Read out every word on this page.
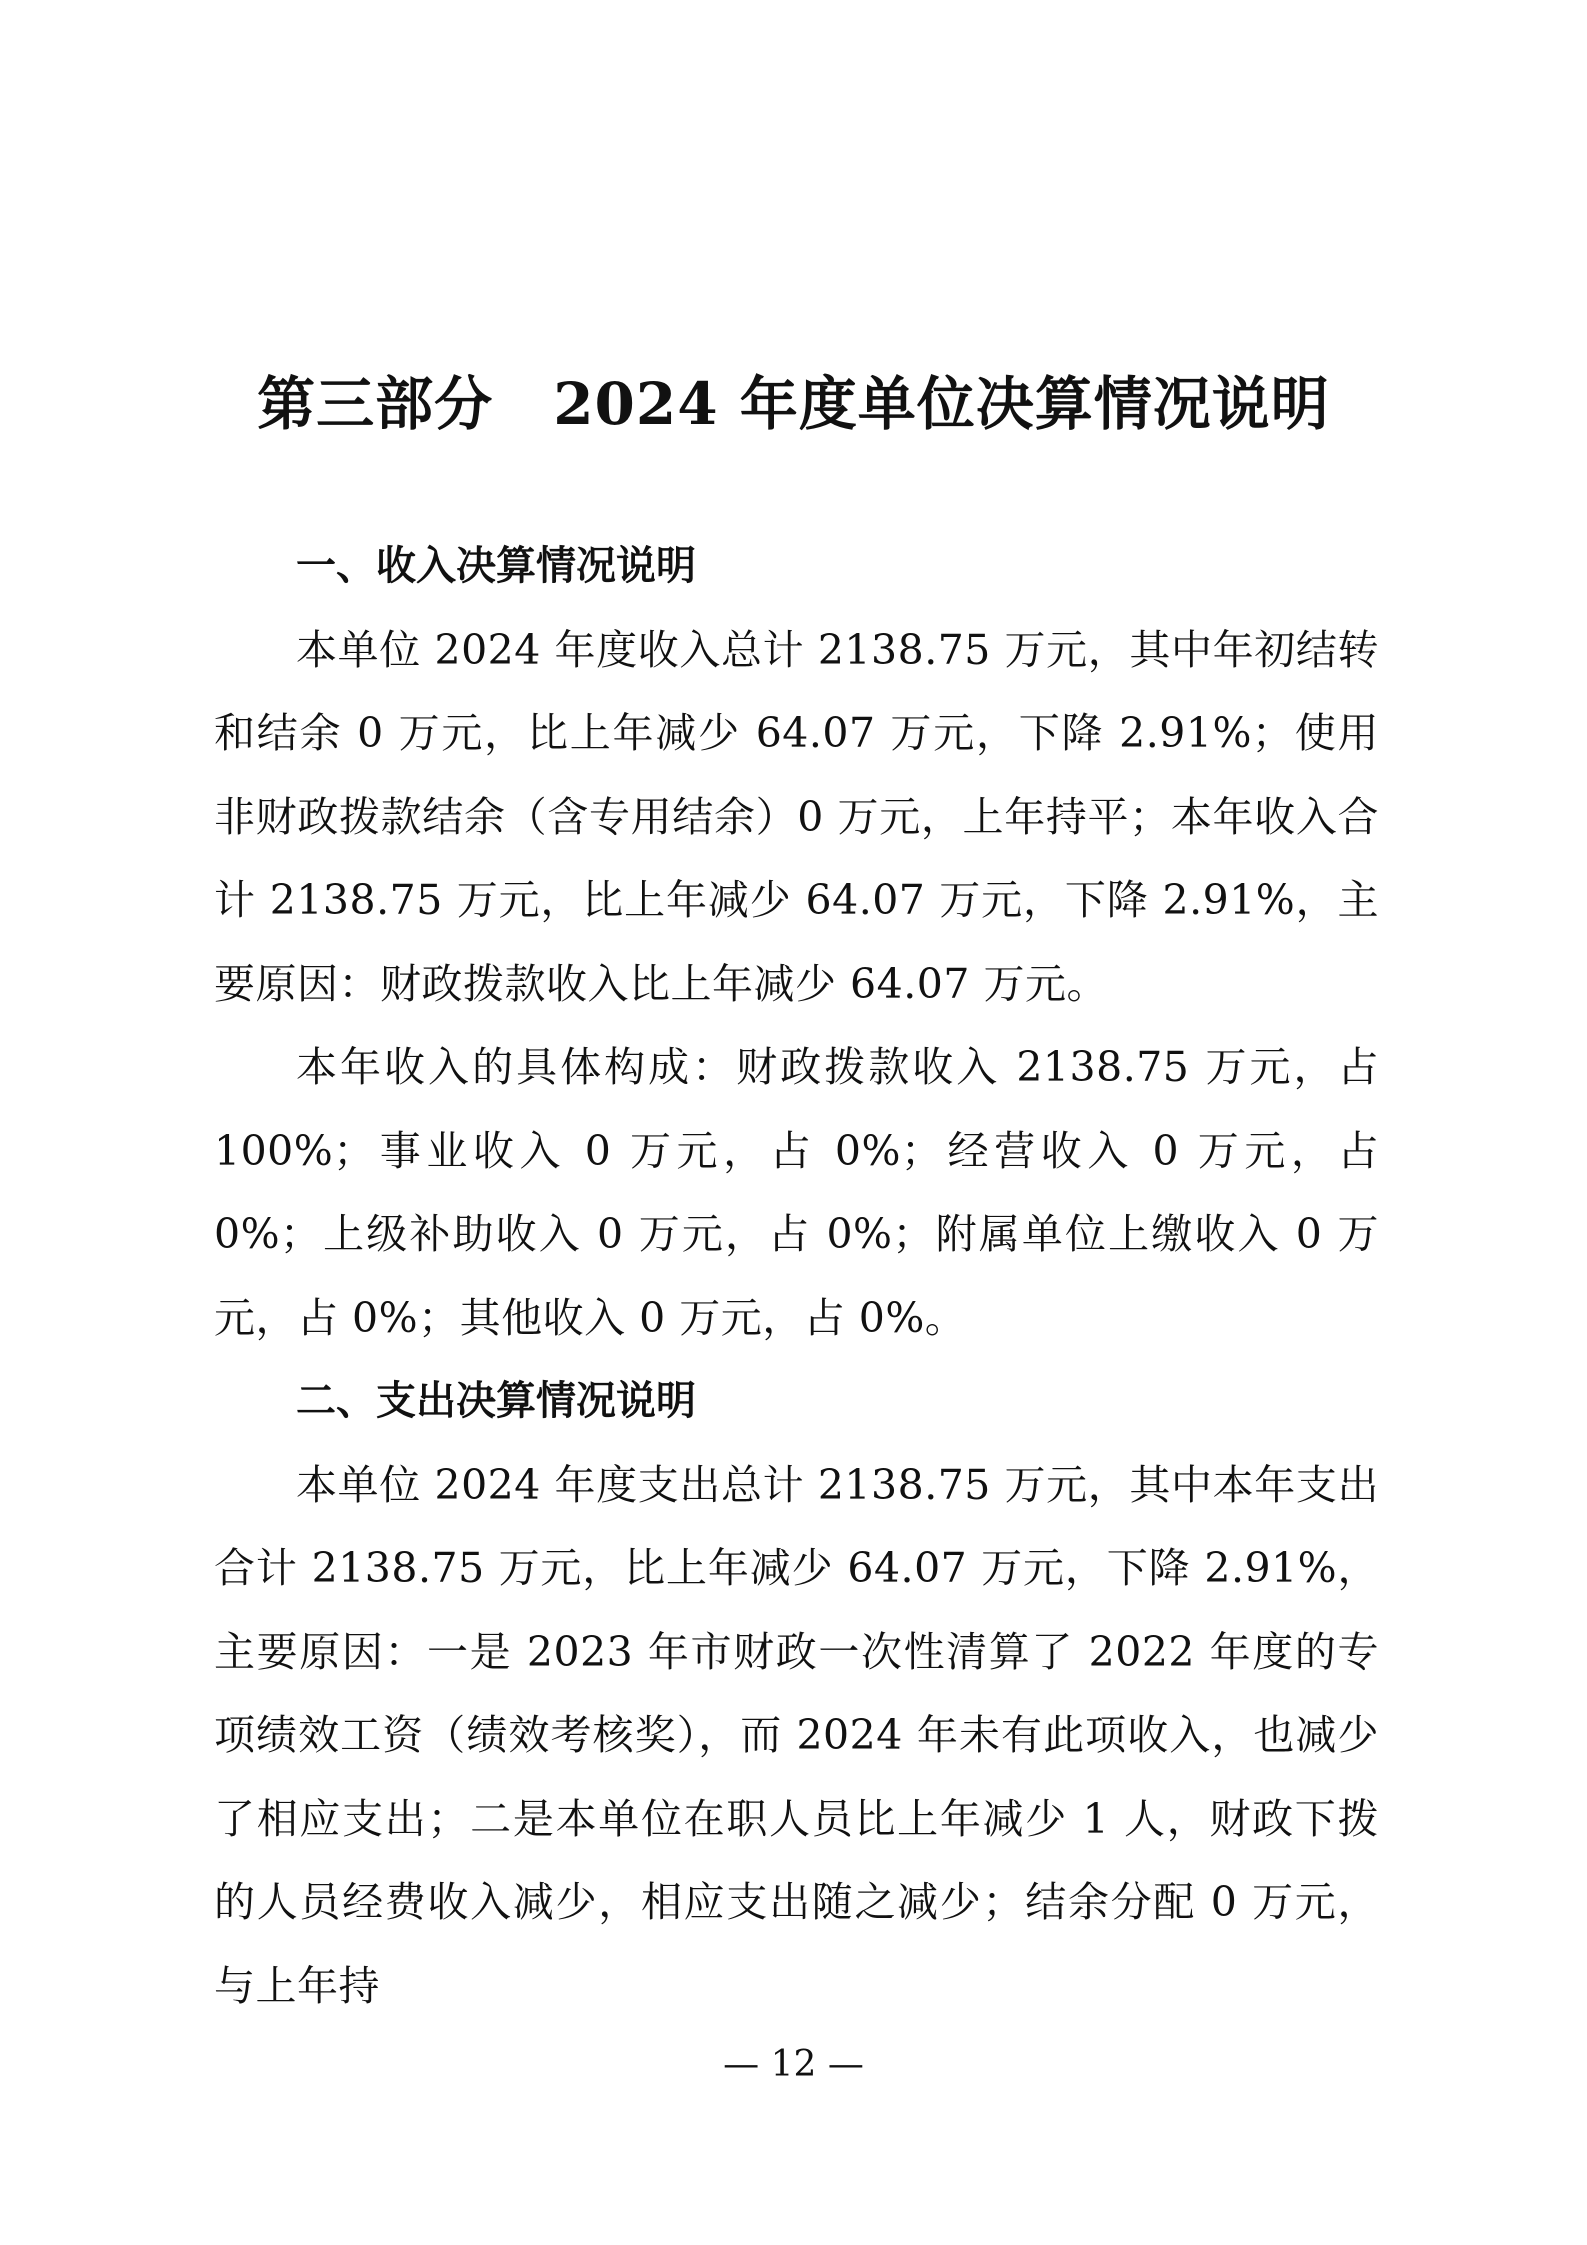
第三部分 2024 年度单位决算情况说明

一、收入决算情况说明

本单位 2024 年度收入总计 2138.75 万元，其中年初结转和结余 0 万元，比上年减少 64.07 万元，下降 2.91%；使用非财政拨款结余（含专用结余）0 万元，上年持平；本年收入合计 2138.75 万元，比上年减少 64.07 万元，下降 2.91%，主要原因：财政拨款收入比上年减少 64.07 万元。

本年收入的具体构成：财政拨款收入 2138.75 万元，占 100%；事业收入 0 万元，占 0%；经营收入 0 万元，占 0%；上级补助收入 0 万元，占 0%；附属单位上缴收入 0 万元，占 0%；其他收入 0 万元，占 0%。

二、支出决算情况说明

本单位 2024 年度支出总计 2138.75 万元，其中本年支出合计 2138.75 万元，比上年减少 64.07 万元，下降 2.91%，主要原因：一是 2023 年市财政一次性清算了 2022 年度的专项绩效工资（绩效考核奖），而 2024 年未有此项收入，也减少了相应支出；二是本单位在职人员比上年减少 1 人，财政下拨的人员经费收入减少，相应支出随之减少；结余分配 0 万元，与上年持

— 12 —
